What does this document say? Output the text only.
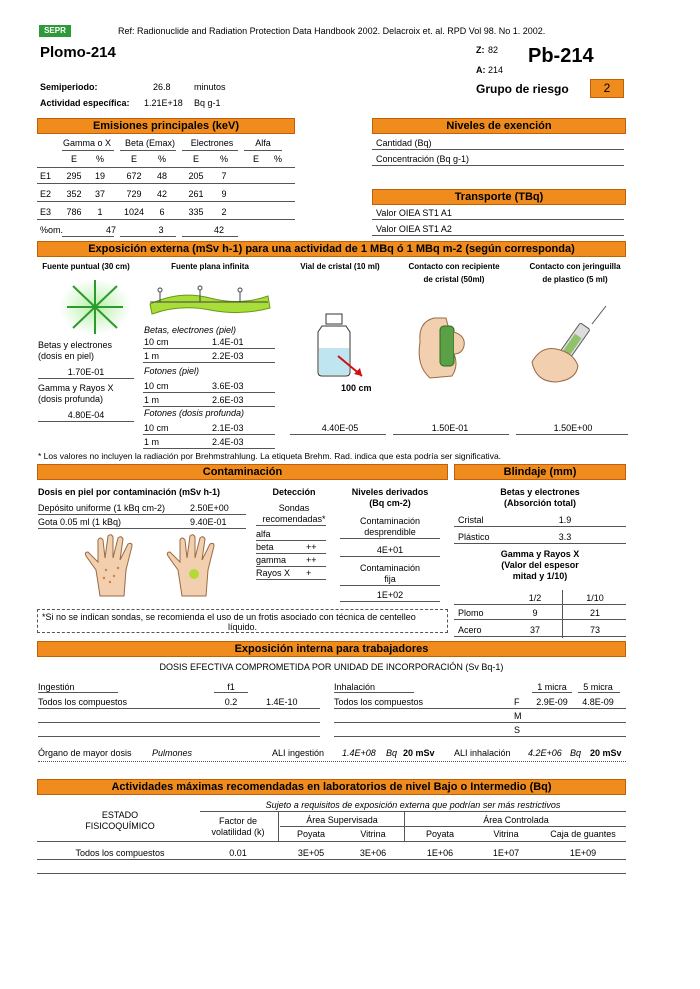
SEPR	Ref: Radionuclide and Radiation Protection Data Handbook 2002. Delacroix et. al. RPD Vol 98. No 1. 2002.
Plomo-214	Z: 82
A: 214
Pb-214
Semiperiodo:	26.8	minutos
Actividad específica: 1.21E+18 Bq g-1
Grupo de riesgo	2
Emisiones principales (keV)
Gamma o X	Beta (Emax)	Electrones	Alfa
E	%	E	%	E	%	E	%
E1	295	19	672	48	205	7
E2	352	37	729	42	261	9
E3	786	1	1024	6	335	2
%om.	47	3	42
Niveles de exención
Cantidad (Bq)
Concentración (Bq g-1)
Transporte (TBq)
Valor OIEA ST1 A1
Valor OIEA ST1 A2
Exposición externa (mSv h-1) para una actividad de 1 MBq ó 1 MBq m-2 (según corresponda)
Fuente puntual (30 cm)	Fuente plana infinita	Vial de cristal (10 ml)	Contacto con recipiente
de cristal (50ml)
Contacto con jeringuilla
de plastico (5 ml)
Betas y electrones
(dosis en piel)
1.70E-01
Gamma y Rayos X
(dosis profunda)
4.80E-04
Betas, electrones (piel)
10 cm	1.4E-01
1 m	2.2E-03
Fotones (piel)
10 cm	3.6E-03
1 m	2.6E-03
Fotones (dosis profunda)
10 cm	2.1E-03
1 m	2.4E-03
100 cm
4.40E-05	1.50E-01	1.50E+00
* Los valores no incluyen la radiación por Brehmstrahlung. La etiqueta Brehm. Rad. indica que esta podría ser significativa.
Contaminación
Dosis en piel por contaminación (mSv h-1)
Depósito uniforme (1 kBq cm-2)	2.50E+00
Gota 0.05 ml (1 kBq)	9.40E-01
Detección
Sondas
recomendadas*
alfa
beta	++
gamma ++
Rayos X +
Niveles derivados
(Bq cm-2)
Contaminación
desprendible
4E+01
Contaminación
fija
1E+02
*Si no se indican sondas, se recomienda el uso de un frotis asociado con técnica de centelleo
líquido.
Blindaje (mm)
Betas y electrones
(Absorción total)
Cristal	1.9
Plástico	3.3
Gamma y Rayos X
(Valor del espesor
mitad y 1/10)
1/2	1/10
Plomo	9	21
Acero	37	73
Exposición interna para trabajadores
DOSIS EFECTIVA COMPROMETIDA POR UNIDAD DE INCORPORACIÓN (Sv Bq-1)
Ingestión	f1
Todos los compuestos	0.2	1.4E-10
Inhalación	1 micra	5 micra
Todos los compuestos	F	2.9E-09	4.8E-09
M
S
Órgano de mayor dosis Pulmones	ALI ingestión 1.4E+08 Bq 20 mSv ALI inhalación 4.2E+06 Bq 20 mSv
Actividades máximas recomendadas en laboratorios de nivel Bajo o Intermedio (Bq)
Sujeto a requisitos de exposición externa que podrían ser más restrictivos
ESTADO
FISICOQUÍMICO	Factor de
volatilidad (k)
Área Supervisada	Área Controlada
Poyata	Vitrina	Poyata	Vitrina	Caja de guantes
Todos los compuestos	0.01	3E+05	3E+06	1E+06	1E+07	1E+09
